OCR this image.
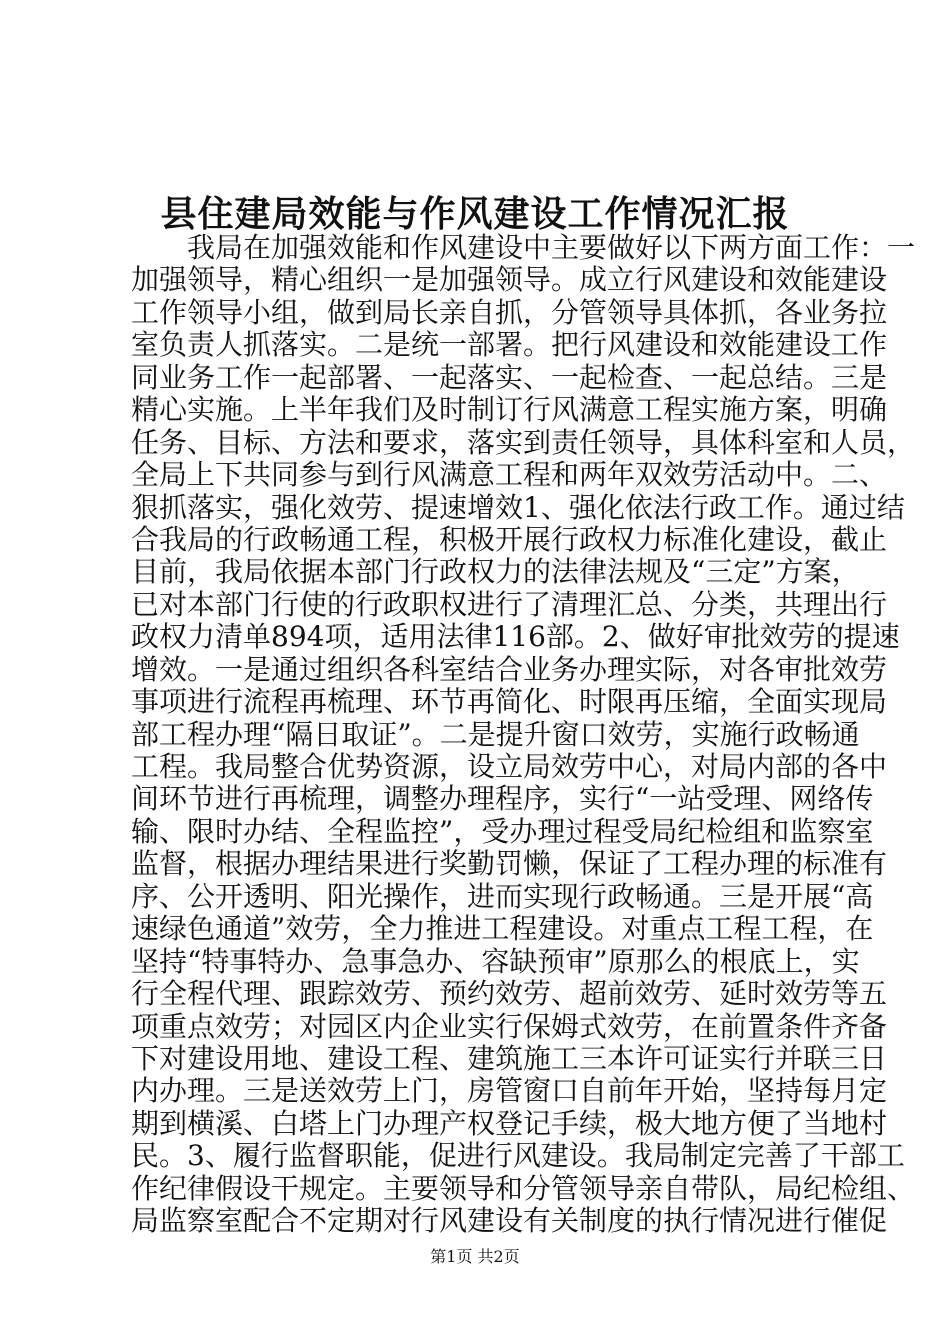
县住建局效能与作风建设工作情况汇报
我局在加强效能和作风建设中主要做好以下两方面工作：一
加强领导，精心组织一是加强领导。成立行风建设和效能建设
工作领导小组，做到局长亲自抓，分管领导具体抓，各业务拉
室负责人抓落实。二是统一部署。把行风建设和效能建设工作
同业务工作一起部署、一起落实、一起检查、一起总结。三是
精心实施。上半年我们及时制订行风满意工程实施方案，明确
任务、目标、方法和要求，落实到责任领导，具体科室和人员，
全局上下共同参与到行风满意工程和两年双效劳活动中。二、
狠抓落实，强化效劳、提速增效1、强化依法行政工作。通过结
合我局的行政畅通工程，积极开展行政权力标准化建设，截止
目前，我局依据本部门行政权力的法律法规及“三定”方案，
已对本部门行使的行政职权进行了清理汇总、分类，共理出行
政权力清单894项，适用法律116部。2、做好审批效劳的提速
增效。一是通过组织各科室结合业务办理实际，对各审批效劳
事项进行流程再梳理、环节再简化、时限再压缩，全面实现局
部工程办理“隔日取证”。二是提升窗口效劳，实施行政畅通
工程。我局整合优势资源，设立局效劳中心，对局内部的各中
间环节进行再梳理，调整办理程序，实行“一站受理、网络传
输、限时办结、全程监控”，受办理过程受局纪检组和监察室
监督，根据办理结果进行奖勤罚懒，保证了工程办理的标准有
序、公开透明、阳光操作，进而实现行政畅通。三是开展“高
速绿色通道”效劳，全力推进工程建设。对重点工程工程，在
坚持“特事特办、急事急办、容缺预审”原那么的根底上，实
行全程代理、跟踪效劳、预约效劳、超前效劳、延时效劳等五
项重点效劳；对园区内企业实行保姆式效劳，在前置条件齐备
下对建设用地、建设工程、建筑施工三本许可证实行并联三日
内办理。三是送效劳上门，房管窗口自前年开始，坚持每月定
期到横溪、白塔上门办理产权登记手续，极大地方便了当地村
民。3、履行监督职能，促进行风建设。我局制定完善了干部工
作纪律假设干规定。主要领导和分管领导亲自带队，局纪检组、
局监察室配合不定期对行风建设有关制度的执行情况进行催促
第1页 共2页
